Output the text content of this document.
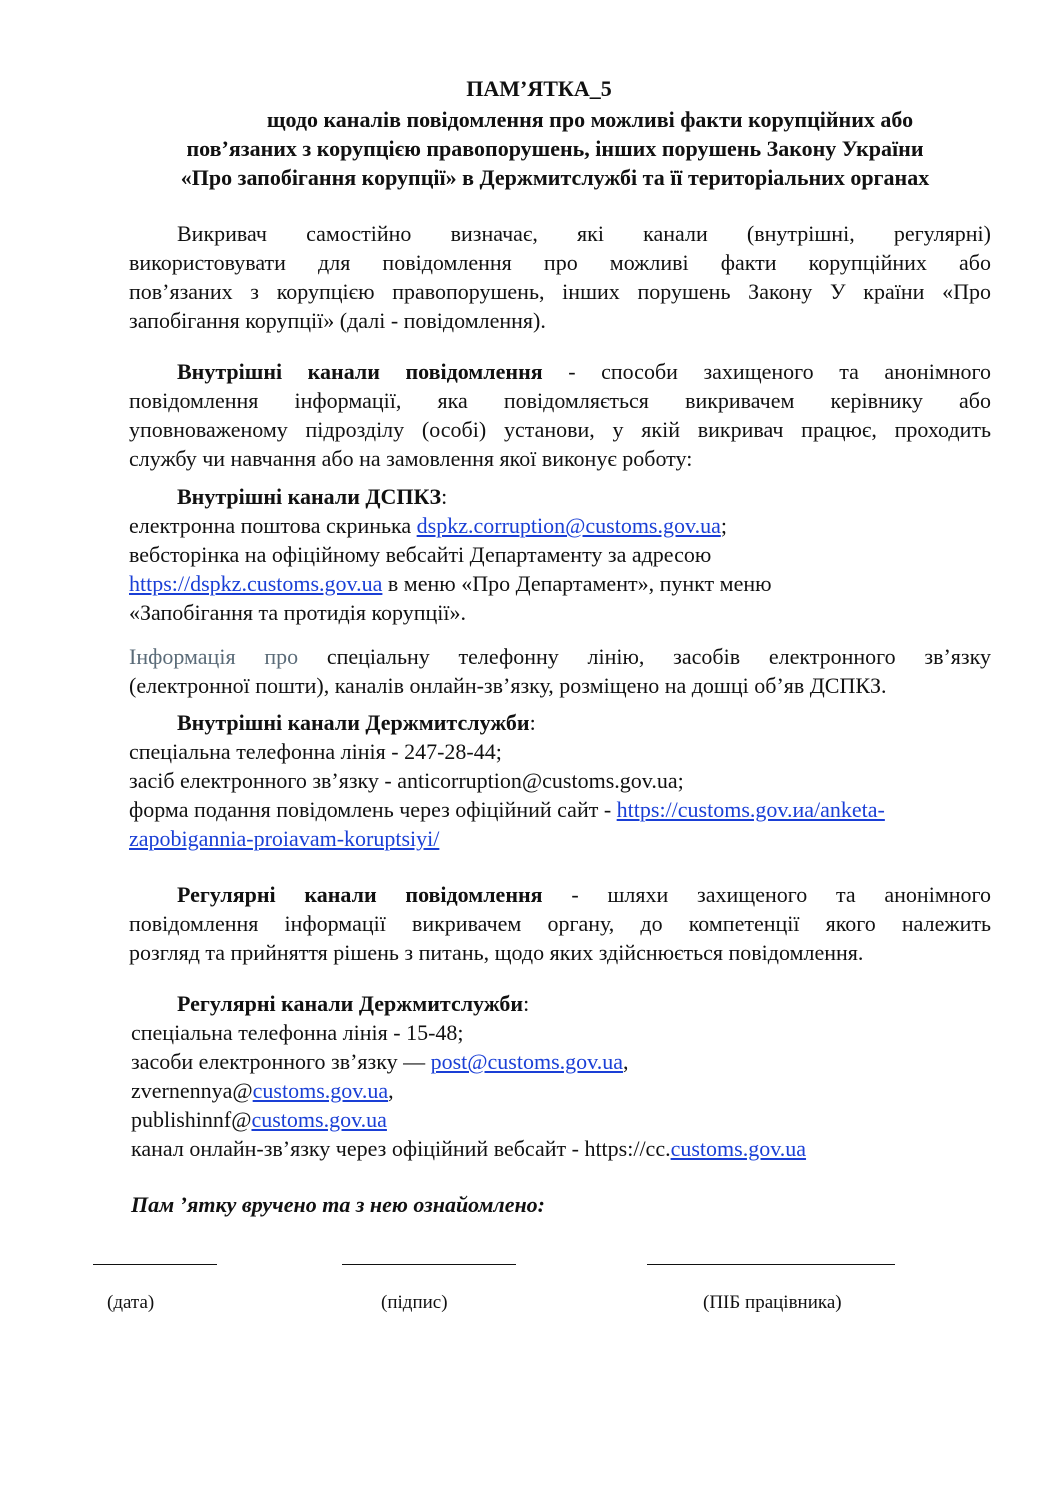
ПАМ’ЯТКА_5

щодо каналів повідомлення про можливі факти корупційних або
пов’язаних з корупцією правопорушень, інших порушень Закону України
«Про запобігання корупції» в Держмитслужбі та її територіальних органах

Викривач самостійно визначає, які канали (внутрішні, регулярні)
використовувати для повідомлення про можливі факти корупційних або
пов’язаних з корупцією правопорушень, інших порушень Закону У країни «Про
запобігання корупції» (далі - повідомлення).
Внутрішні канали повідомлення - способи захищеного та анонімного
повідомлення інформації, яка повідомляється викривачем керівнику або
уповноваженому підрозділу (особі) установи, у якій викривач працює, проходить
службу чи навчання або на замовлення якої виконує роботу:
Внутрішні канали ДСПКЗ:
електронна поштова скринька dspkz.corruption@customs.gov.ua;
вебсторінка на офіційному вебсайті Департаменту за адресою
https://dspkz.customs.gov.ua в меню «Про Департамент», пункт меню
«Запобігання та протидія корупції».
Інформація про спеціальну телефонну лінію, засобів електронного зв’язку
(електронної пошти), каналів онлайн-зв’язку, розміщено на дошці об’яв ДСПКЗ.
Внутрішні канали Держмитслужби:
спеціальна телефонна лінія - 247-28-44;
засіб електронного зв’язку - anticorruption@customs.gov.ua;
форма подання повідомлень через офіційний сайт - https://customs.gov.иa/anketa-
zapobigannia-proiavam-koruptsiyi/
Регулярні канали повідомлення - шляхи захищеного та анонімного
повідомлення інформації викривачем органу, до компетенції якого належить
розгляд та прийняття рішень з питань, щодо яких здійснюється повідомлення.
Регулярні канали Держмитслужби:
спеціальна телефонна лінія - 15-48;
засоби електронного зв’язку — post@customs.gov.ua,
zvernennya@customs.gov.ua,
publishinnf@customs.gov.ua
канал онлайн-зв’язку через офіційний вебсайт - https://cc.customs.gov.ua

Пам ’ятку вручено та з нею ознайомлено:

(дата)	(підпис)	(ПІБ працівника)
